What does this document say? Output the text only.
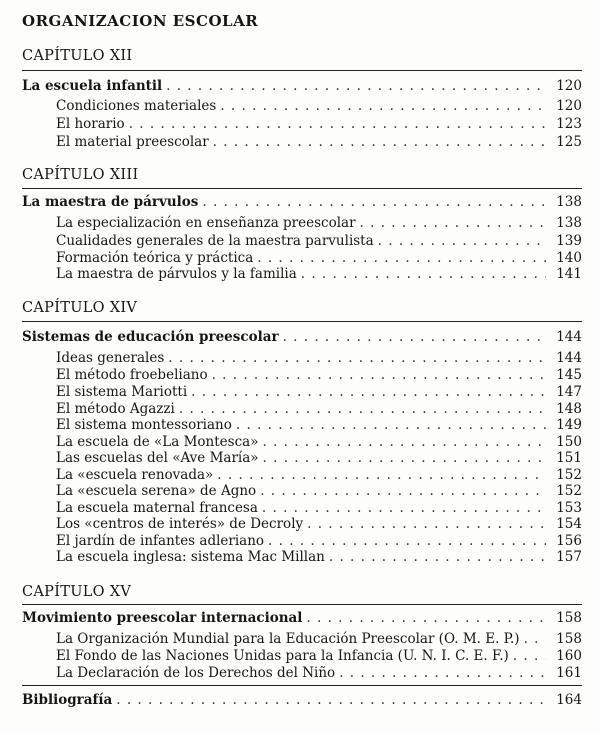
ORGANIZACION ESCOLAR
CAPÍTULO XII
La escuela infantil . . .	120
Condiciones materiales . . .	120
El horario . . .	123
El material preescolar . . .	125
CAPÍTULO XIII
La maestra de párvulos . . .	138
La especialización en enseñanza preescolar . . .	138
Cualidades generales de la maestra parvulista . . .	139
Formación teórica y práctica . . .	140
La maestra de párvulos y la familia . . .	141
CAPÍTULO XIV
Sistemas de educación preescolar . . .	144
Ideas generales . . .	144
El método froebeliano . . .	145
El sistema Mariotti . . .	147
El método Agazzi . . .	148
El sistema montessoriano . . .	149
La escuela de «La Montesca» . . .	150
Las escuelas del «Ave María» . . .	151
La «escuela renovada» . . .	152
La «escuela serena» de Agno . . .	152
La escuela maternal francesa . . .	153
Los «centros de interés» de Decroly . . .	154
El jardín de infantes adleriano . . .	156
La escuela inglesa: sistema Mac Millan . . .	157
CAPÍTULO XV
Movimiento preescolar internacional . . .	158
La Organización Mundial para la Educación Preescolar (O. M. E. P.) . . .	158
El Fondo de las Naciones Unidas para la Infancia (U. N. I. C. E. F.) . . .	160
La Declaración de los Derechos del Niño . . .	161
Bibliografía . . .	164
